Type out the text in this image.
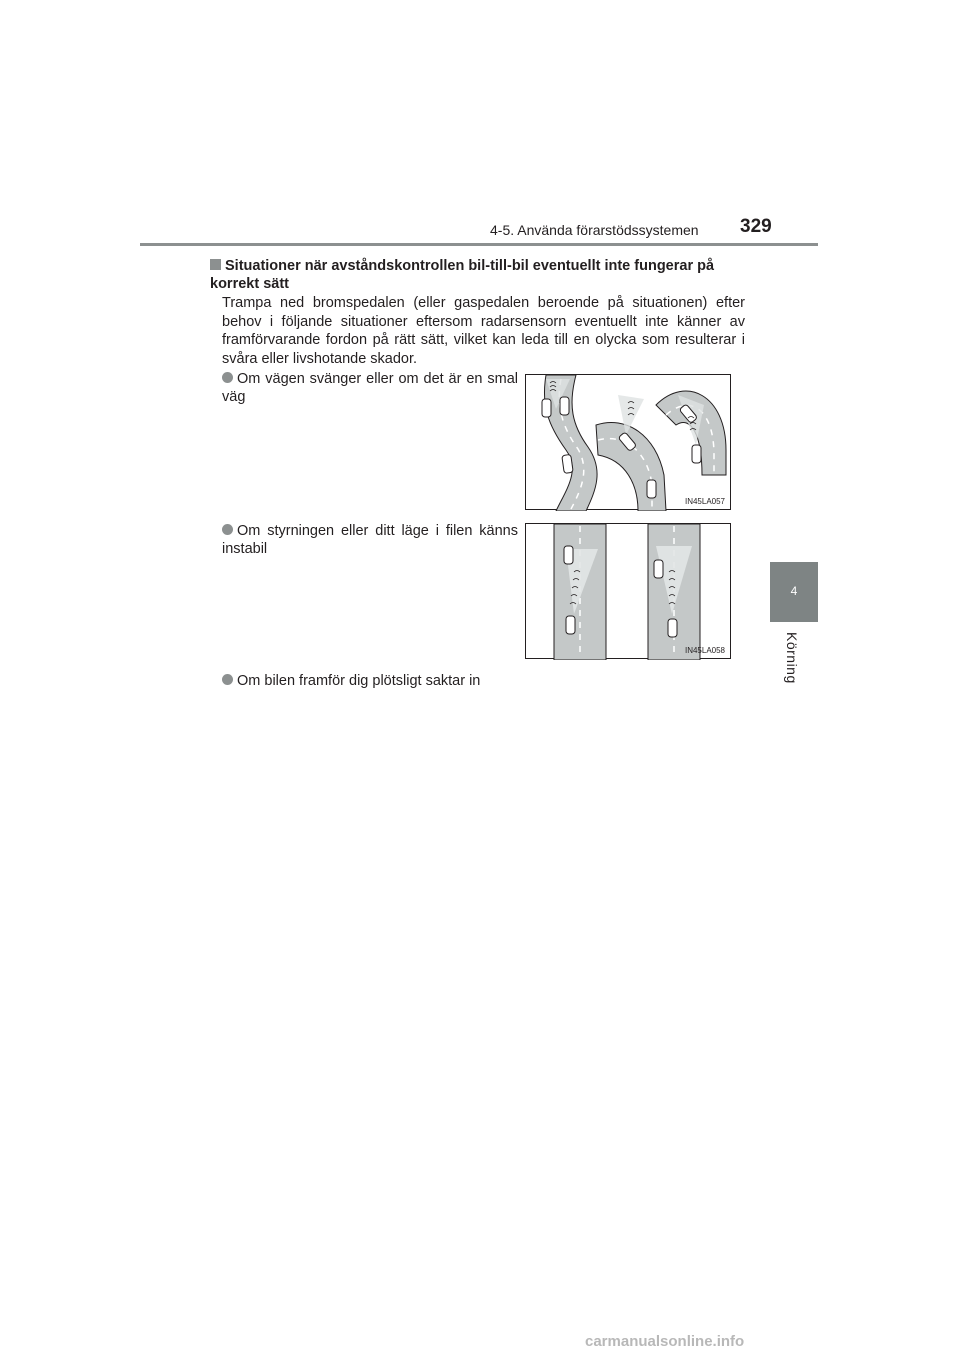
4-5. Använda förarstödssystemen 329
4
Körning
Situationer när avståndskontrollen bil-till-bil eventuellt inte fungerar på korrekt sätt
Trampa ned bromspedalen (eller gaspedalen beroende på situationen) efter behov i följande situationer eftersom radarsensorn eventuellt inte känner av framförvarande fordon på rätt sätt, vilket kan leda till en olycka som resulterar i svåra eller livshotande skador.
Om vägen svänger eller om det är en smal väg
IN45LA057
Om styrningen eller ditt läge i filen känns instabil
IN45LA058
Om bilen framför dig plötsligt saktar in
carmanualsonline.info
